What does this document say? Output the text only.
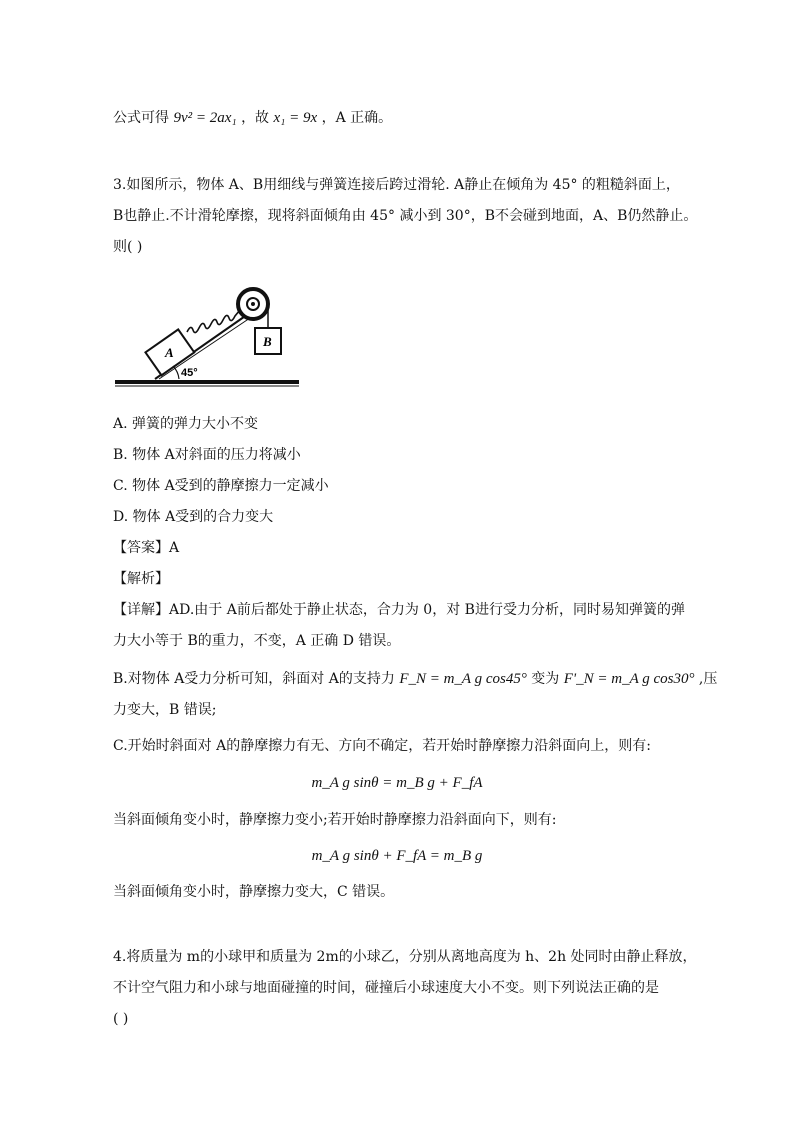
公式可得 9v² = 2ax₁ ，故 x₁ = 9x ，A 正确。
3.如图所示，物体 A、B用细线与弹簧连接后跨过滑轮. A静止在倾角为 45° 的粗糙斜面上，
B也静止.不计滑轮摩擦，现将斜面倾角由 45° 减小到 30°，B不会碰到地面，A、B仍然静止。
则( )
A
B
45°
A. 弹簧的弹力大小不变
B. 物体 A对斜面的压力将减小
C. 物体 A受到的静摩擦力一定减小
D. 物体 A受到的合力变大
【答案】A
【解析】
【详解】AD.由于 A前后都处于静止状态，合力为 0，对 B进行受力分析，同时易知弹簧的弹
力大小等于 B的重力，不变，A 正确 D 错误。
B.对物体 A受力分析可知，斜面对 A的支持力 F_N = m_A g cos45° 变为 F'_N = m_A g cos30° ,压
力变大，B 错误;
C.开始时斜面对 A的静摩擦力有无、方向不确定，若开始时静摩擦力沿斜面向上，则有:
m_A g sinθ = m_B g + F_fA
当斜面倾角变小时，静摩擦力变小;若开始时静摩擦力沿斜面向下，则有:
m_A g sinθ + F_fA = m_B g
当斜面倾角变小时，静摩擦力变大，C 错误。
4.将质量为 m的小球甲和质量为 2m的小球乙，分别从离地高度为 h、2h 处同时由静止释放，
不计空气阻力和小球与地面碰撞的时间，碰撞后小球速度大小不变。则下列说法正确的是
( )
